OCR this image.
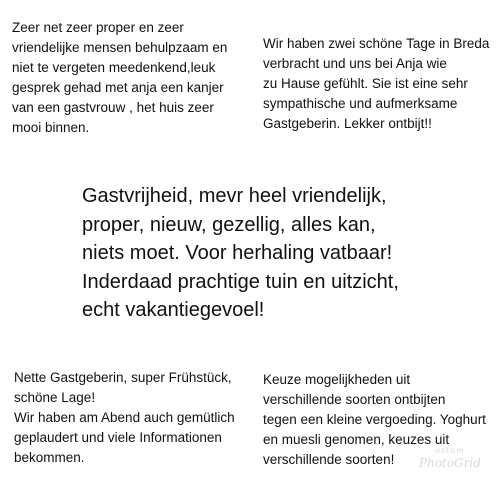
Zeer net zeer proper en zeer
vriendelijke mensen behulpzaam en
niet te vergeten meedenkend,leuk
gesprek gehad met anja een kanjer
van een gastvrouw , het huis zeer
mooi binnen.

Wir haben zwei schöne Tage in Breda
verbracht und uns bei Anja wie
zu Hause gefühlt. Sie ist eine sehr
sympathische und aufmerksame
Gastgeberin. Lekker ontbijt!!

Gastvrijheid, mevr heel vriendelijk,
proper, nieuw, gezellig, alles kan,
niets moet. Voor herhaling vatbaar!
Inderdaad prachtige tuin en uitzicht,
echt vakantiegevoel!

Nette Gastgeberin, super Frühstück,
schöne Lage!
Wir haben am Abend auch gemütlich
geplaudert und viele Informationen
bekommen.

Keuze mogelijkheden uit
verschillende soorten ontbijten
tegen een kleine vergoeding. Yoghurt
en muesli genomen, keuzes uit
verschillende soorten!

ostum
PhotoGrid
